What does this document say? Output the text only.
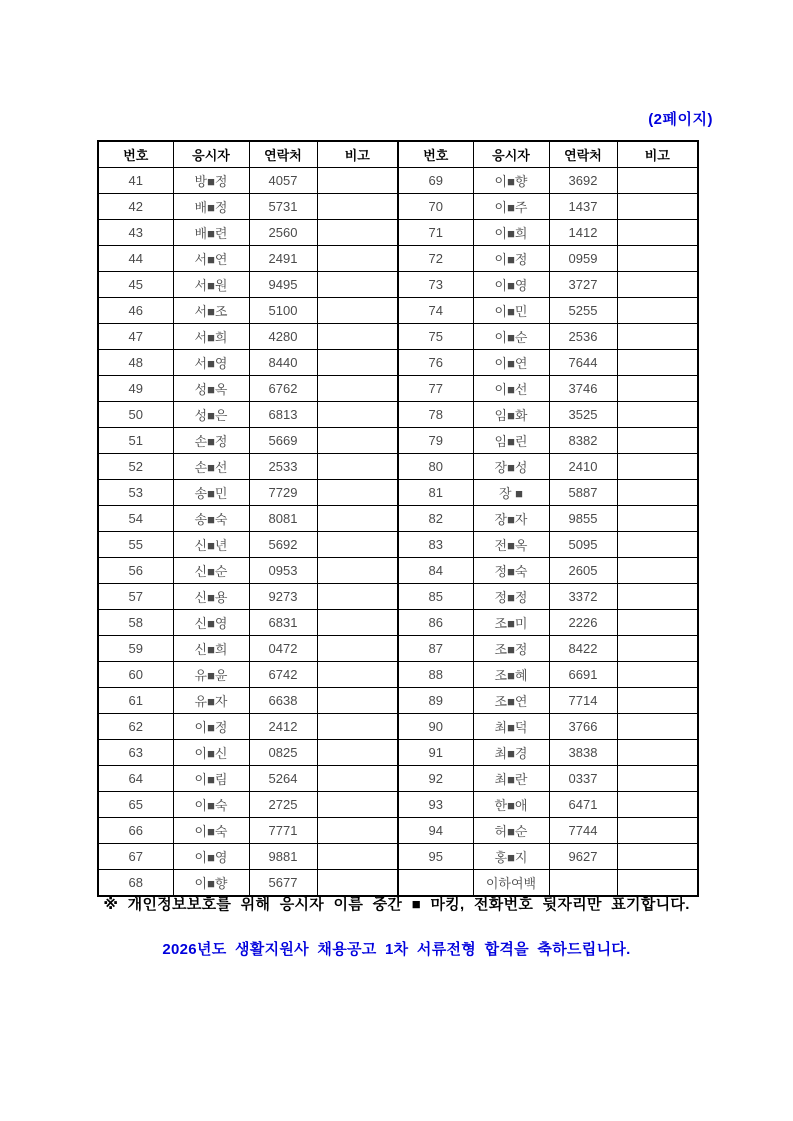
(2페이지)
번호	응시자	연락처	비고	번호	응시자	연락처	비고
41	방■정	4057		69	이■향	3692	
42	배■정	5731		70	이■주	1437	
43	배■련	2560		71	이■희	1412	
44	서■연	2491		72	이■정	0959	
45	서■원	9495		73	이■영	3727	
46	서■조	5100		74	이■민	5255	
47	서■희	4280		75	이■순	2536	
48	서■영	8440		76	이■연	7644	
49	성■옥	6762		77	이■선	3746	
50	성■은	6813		78	임■화	3525	
51	손■정	5669		79	임■린	8382	
52	손■선	2533		80	장■성	2410	
53	송■민	7729		81	장 ■	5887	
54	송■숙	8081		82	장■자	9855	
55	신■년	5692		83	전■옥	5095	
56	신■순	0953		84	정■숙	2605	
57	신■용	9273		85	정■정	3372	
58	신■영	6831		86	조■미	2226	
59	신■희	0472		87	조■정	8422	
60	유■윤	6742		88	조■혜	6691	
61	유■자	6638		89	조■연	7714	
62	이■정	2412		90	최■덕	3766	
63	이■신	0825		91	최■경	3838	
64	이■림	5264		92	최■란	0337	
65	이■숙	2725		93	한■애	6471	
66	이■숙	7771		94	허■순	7744	
67	이■영	9881		95	홍■지	9627	
68	이■향	5677			이하여백		
※ 개인정보보호를 위해 응시자 이름 중간 ■ 마킹, 전화번호 뒷자리만 표기합니다.
2026년도 생활지원사 채용공고 1차 서류전형 합격을 축하드립니다.
